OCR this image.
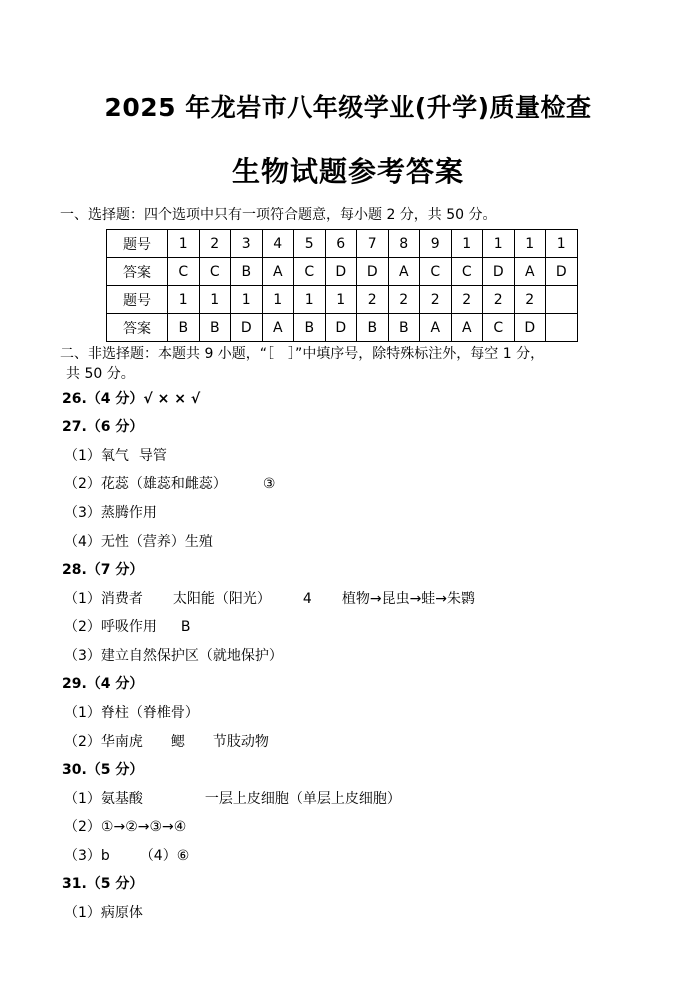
2025 年龙岩市八年级学业(升学)质量检查
生物试题参考答案
一、选择题：四个选项中只有一项符合题意，每小题 2 分，共 50 分。
题号	1	2	3	4	5	6	7	8	9	1	1	1	1
答案	C	C	B	A	C	D	D	A	C	C	D	A	D
题号	1	1	1	1	1	1	2	2	2	2	2	2	
答案	B	B	D	A	B	D	B	B	A	A	C	D	
二、非选择题：本题共 9 小题，“［　］”中填序号，除特殊标注外，每空 1 分，
共 50 分。
26.（4 分）√ × × √
27.（6 分）
（1）氧气 导管
（2）花蕊（雄蕊和雌蕊）	③
（3）蒸腾作用
（4）无性（营养）生殖
28.（7 分）
（1）消费者 太阳能（阳光） 4 植物→昆虫→蛙→朱鹮
（2）呼吸作用 B
（3）建立自然保护区（就地保护）
29.（4 分）
（1）脊柱（脊椎骨）
（2）华南虎 鳃 节肢动物
30.（5 分）
（1）氨基酸	一层上皮细胞（单层上皮细胞）
（2）①→②→③→④
（3）b （4）⑥
31.（5 分）
（1）病原体
